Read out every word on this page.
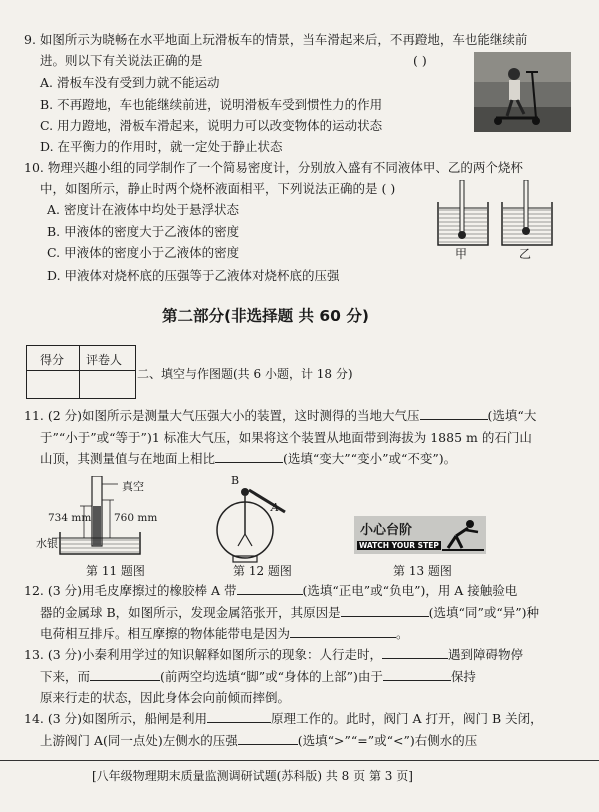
9. 如图所示为晓畅在水平地面上玩滑板车的情景，当车滑起来后，不再蹬地，车也能继续前
进。则以下有关说法正确的是	( )
A. 滑板车没有受到力就不能运动
B. 不再蹬地，车也能继续前进，说明滑板车受到惯性力的作用
C. 用力蹬地，滑板车滑起来，说明力可以改变物体的运动状态
D. 在平衡力的作用时，就一定处于静止状态
10. 物理兴趣小组的同学制作了一个简易密度计，分别放入盛有不同液体甲、乙的两个烧杯
中，如图所示，静止时两个烧杯液面相平，下列说法正确的是 ( )
A. 密度计在液体中均处于悬浮状态
B. 甲液体的密度大于乙液体的密度
C. 甲液体的密度小于乙液体的密度
D. 甲液体对烧杯底的压强等于乙液体对烧杯底的压强
甲	乙
第二部分(非选择题 共 60 分)
得分 评卷人
二、填空与作图题(共 6 小题，计 18 分)
11. (2 分)如图所示是测量大气压强大小的装置，这时测得的当地大气压	(选填“大
于”“小于”或“等于”)1 标准大气压，如果将这个装置从地面带到海拔为 1885 m 的石门山
山顶，其测量值与在地面上相比	(选填“变大”“变小”或“不变”)。
真空
734 mm 760 mm
水银
B
A
小心台阶
WATCH YOUR STEP
第 11 题图	第 12 题图	第 13 题图
12. (3 分)用毛皮摩擦过的橡胶棒 A 带	(选填“正电”或“负电”)，用 A 接触验电
器的金属球 B，如图所示，发现金属箔张开，其原因是	(选填“同”或“异”)种
电荷相互排斥。相互摩擦的物体能带电是因为	。
13. (3 分)小秦利用学过的知识解释如图所示的现象：人行走时，	遇到障碍物停
下来，而	(前两空均选填“脚”或“身体的上部”)由于	保持
原来行走的状态，因此身体会向前倾而摔倒。
14. (3 分)如图所示，船闸是利用	原理工作的。此时，阀门 A 打开，阀门 B 关闭，
上游阀门 A(同一点处)左侧水的压强	(选填“>”“=”或“<”)右侧水的压
[八年级物理期末质量监测调研试题(苏科版) 共 8 页 第 3 页]
